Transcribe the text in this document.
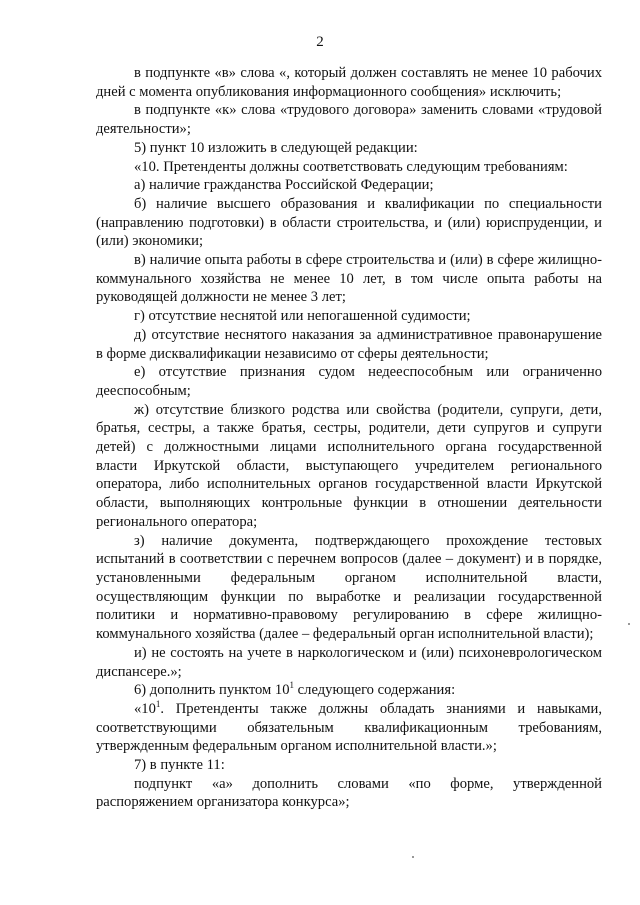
2

в подпункте «в» слова «, который должен составлять не менее 10 рабочих дней с момента опубликования информационного сообщения» исключить;

в подпункте «к» слова «трудового договора» заменить словами «трудовой деятельности»;

5) пункт 10 изложить в следующей редакции:

«10. Претенденты должны соответствовать следующим требованиям:

а) наличие гражданства Российской Федерации;

б) наличие высшего образования и квалификации по специальности (направлению подготовки) в области строительства, и (или) юриспруденции, и (или) экономики;

в) наличие опыта работы в сфере строительства и (или) в сфере жилищно-коммунального хозяйства не менее 10 лет, в том числе опыта работы на руководящей должности не менее 3 лет;

г) отсутствие неснятой или непогашенной судимости;

д) отсутствие неснятого наказания за административное правонарушение в форме дисквалификации независимо от сферы деятельности;

е) отсутствие признания судом недееспособным или ограниченно дееспособным;

ж) отсутствие близкого родства или свойства (родители, супруги, дети, братья, сестры, а также братья, сестры, родители, дети супругов и супруги детей) с должностными лицами исполнительного органа государственной власти Иркутской области, выступающего учредителем регионального оператора, либо исполнительных органов государственной власти Иркутской области, выполняющих контрольные функции в отношении деятельности регионального оператора;

з) наличие документа, подтверждающего прохождение тестовых испытаний в соответствии с перечнем вопросов (далее – документ) и в порядке, установленными федеральным органом исполнительной власти, осуществляющим функции по выработке и реализации государственной политики и нормативно-правовому регулированию в сфере жилищно-коммунального хозяйства (далее – федеральный орган исполнительной власти);

и) не состоять на учете в наркологическом и (или) психоневрологическом диспансере.»;

6) дополнить пунктом $10^1$ следующего содержания:

«$10^1$. Претенденты также должны обладать знаниями и навыками, соответствующими обязательным квалификационным требованиям, утвержденным федеральным органом исполнительной власти.»;

7) в пункте 11:

подпункт «а» дополнить словами «по форме, утвержденной распоряжением организатора конкурса»;
